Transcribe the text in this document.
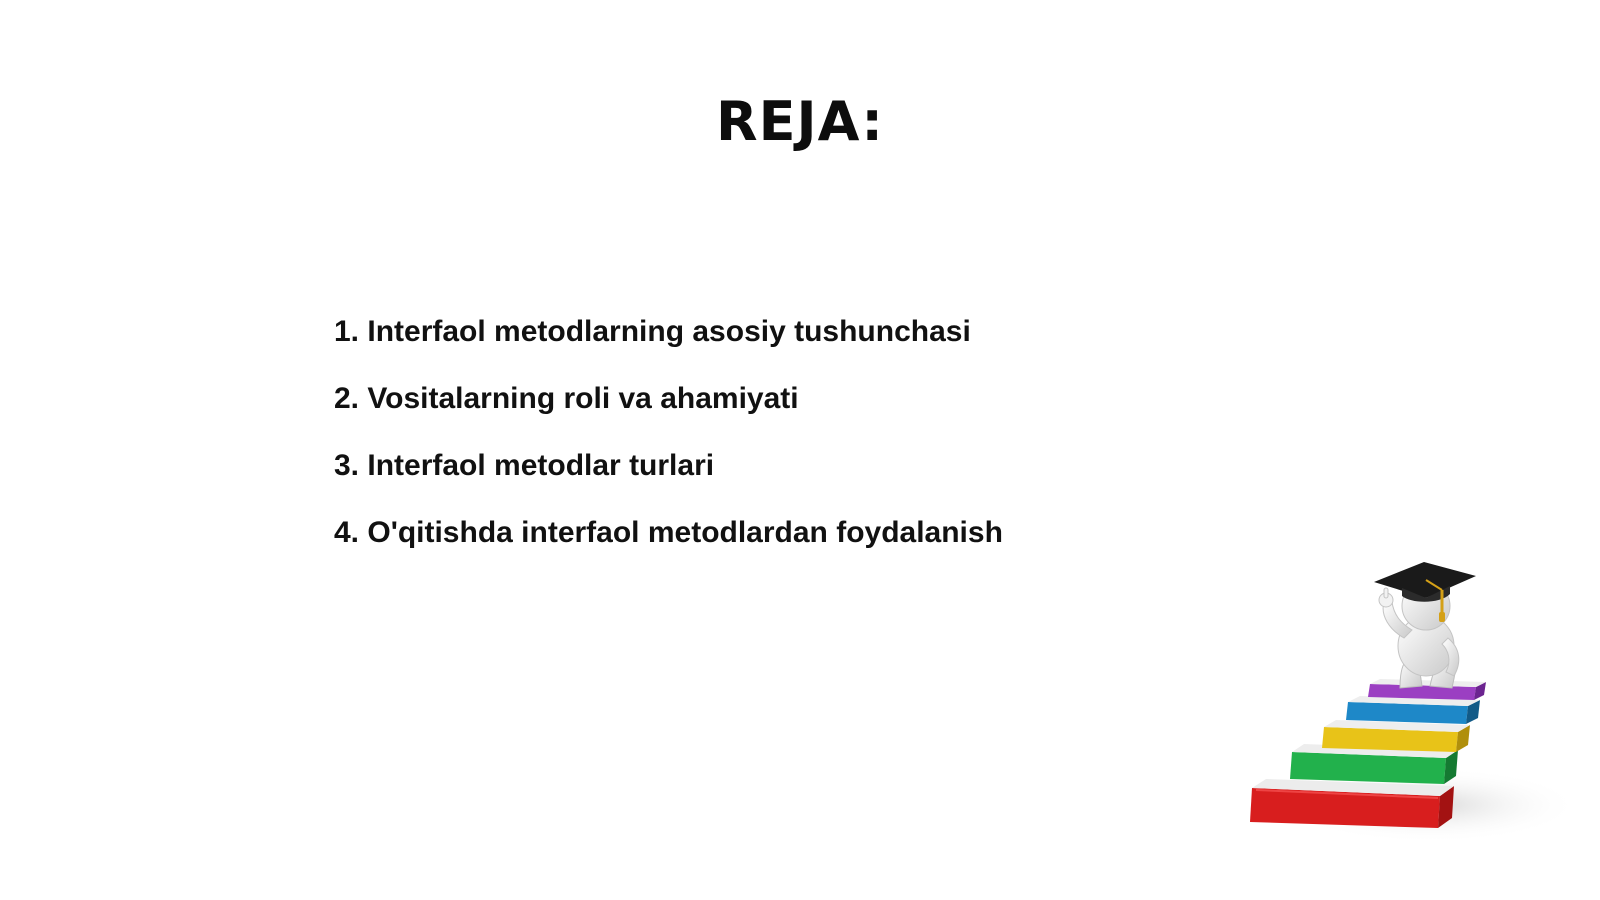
REJA:
1. Interfaol metodlarning asosiy tushunchasi
2. Vositalarning roli va ahamiyati
3. Interfaol metodlar turlari
4. O'qitishda interfaol metodlardan foydalanish
